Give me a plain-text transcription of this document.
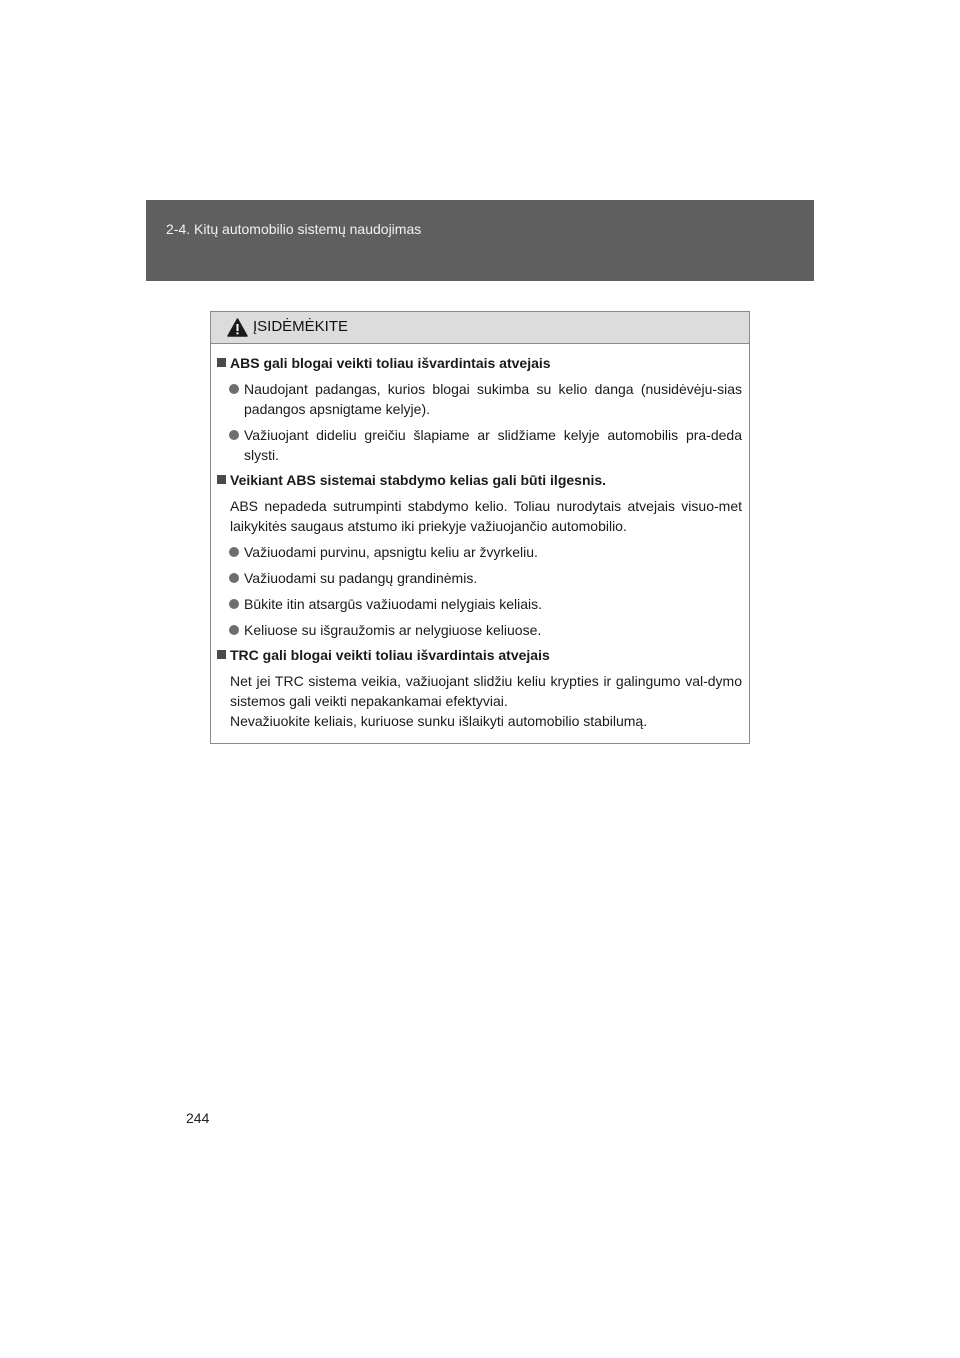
2-4. Kitų automobilio sistemų naudojimas
ĮSIDĖMĖKITE
ABS gali blogai veikti toliau išvardintais atvejais
Naudojant padangas, kurios blogai sukimba su kelio danga (nusidėvėju-sias padangos apsnigtame kelyje).
Važiuojant dideliu greičiu šlapiame ar slidžiame kelyje automobilis pra-deda slysti.
Veikiant ABS sistemai stabdymo kelias gali būti ilgesnis.
ABS nepadeda sutrumpinti stabdymo kelio. Toliau nurodytais atvejais visuo-met laikykitės saugaus atstumo iki priekyje važiuojančio automobilio.
Važiuodami purvinu, apsnigtu keliu ar žvyrkeliu.
Važiuodami su padangų grandinėmis.
Būkite itin atsargūs važiuodami nelygiais keliais.
Keliuose su išgraužomis ar nelygiuose keliuose.
TRC gali blogai veikti toliau išvardintais atvejais
Net jei TRC sistema veikia, važiuojant slidžiu keliu krypties ir galingumo val-dymo sistemos gali veikti nepakankamai efektyviai.
Nevažiuokite keliais, kuriuose sunku išlaikyti automobilio stabilumą.
244
